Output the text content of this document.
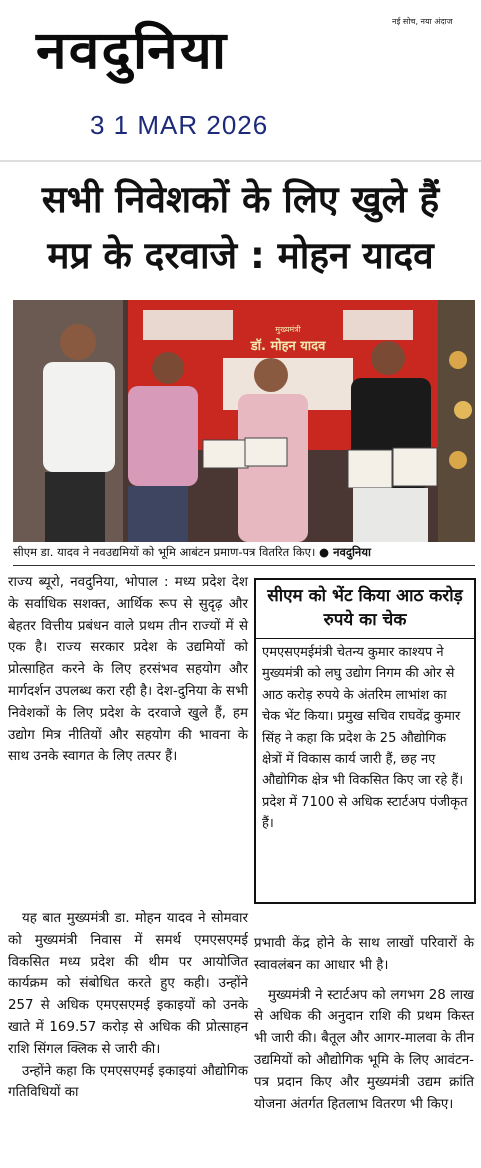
नई सोच, नया अंदाज
नवदुनिया
3 1 MAR 2026
सभी निवेशकों के लिए खुले हैं
मप्र के दरवाजे : मोहन यादव
डॉ. मोहन यादव
मुख्यमंत्री
सीएम डा. यादव ने नवउद्यमियों को भूमि आबंटन प्रमाण-पत्र वितरित किए। ● नवदुनिया

राज्य ब्यूरो, नवदुनिया, भोपाल : मध्य प्रदेश देश के सर्वाधिक सशक्त, आर्थिक रूप से सुदृढ़ और बेहतर वित्तीय प्रबंधन वाले प्रथम तीन राज्यों में से एक है। राज्य सरकार प्रदेश के उद्यमियों को प्रोत्साहित करने के लिए हरसंभव सहयोग और मार्गदर्शन उपलब्ध करा रही है। देश-दुनिया के सभी निवेशकों के लिए प्रदेश के दरवाजे खुले हैं, हम उद्योग मित्र नीतियों और सहयोग की भावना के साथ उनके स्वागत के लिए तत्पर हैं।

यह बात मुख्यमंत्री डा. मोहन यादव ने सोमवार को मुख्यमंत्री निवास में समर्थ एमएसएमई विकसित मध्य प्रदेश की थीम पर आयोजित कार्यक्रम को संबोधित करते हुए कही। उन्होंने 257 से अधिक एमएसएमई इकाइयों को उनके खाते में 169.57 करोड़ से अधिक की प्रोत्साहन राशि सिंगल क्लिक से जारी की।

उन्होंने कहा कि एमएसएमई इकाइयां औद्योगिक गतिविधियों का

सीएम को भेंट किया आठ करोड़ रुपये का चेक
एमएसएमईमंत्री चेतन्य कुमार काश्यप ने मुख्यमंत्री को लघु उद्योग निगम की ओर से आठ करोड़ रुपये के अंतरिम लाभांश का चेक भेंट किया। प्रमुख सचिव राघवेंद्र कुमार सिंह ने कहा कि प्रदेश के 25 औद्योगिक क्षेत्रों में विकास कार्य जारी हैं, छह नए औद्योगिक क्षेत्र भी विकसित किए जा रहे हैं। प्रदेश में 7100 से अधिक स्टार्टअप पंजीकृत हैं।

प्रभावी केंद्र होने के साथ लाखों परिवारों के स्वावलंबन का आधार भी है।

मुख्यमंत्री ने स्टार्टअप को लगभग 28 लाख से अधिक की अनुदान राशि की प्रथम किस्त भी जारी की। बैतूल और आगर-मालवा के तीन उद्यमियों को औद्योगिक भूमि के लिए आवंटन-पत्र प्रदान किए और मुख्यमंत्री उद्यम क्रांति योजना अंतर्गत हितलाभ वितरण भी किए।
